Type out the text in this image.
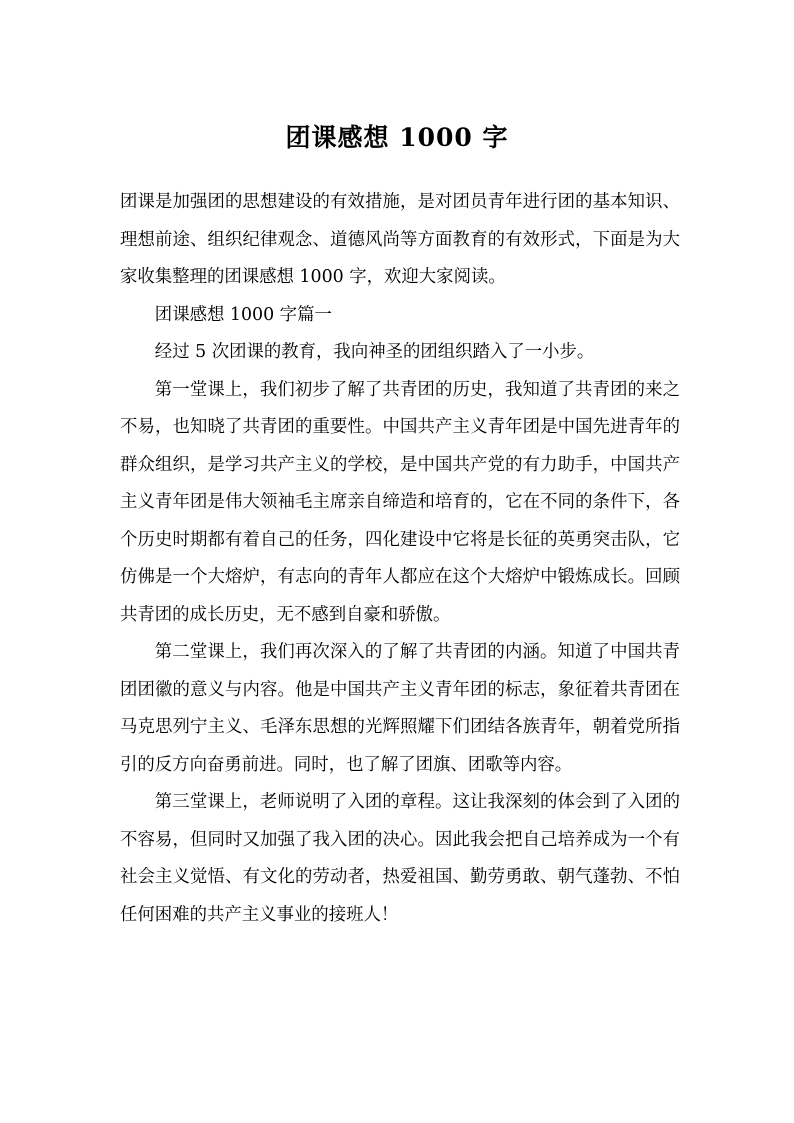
团课感想 1000 字

团课是加强团的思想建设的有效措施，是对团员青年进行团的基本知识、理想前途、组织纪律观念、道德风尚等方面教育的有效形式，下面是为大家收集整理的团课感想 1000 字，欢迎大家阅读。

团课感想 1000 字篇一

经过 5 次团课的教育，我向神圣的团组织踏入了一小步。

第一堂课上，我们初步了解了共青团的历史，我知道了共青团的来之不易，也知晓了共青团的重要性。中国共产主义青年团是中国先进青年的群众组织，是学习共产主义的学校，是中国共产党的有力助手，中国共产主义青年团是伟大领袖毛主席亲自缔造和培育的，它在不同的条件下，各个历史时期都有着自己的任务，四化建设中它将是长征的英勇突击队，它仿佛是一个大熔炉，有志向的青年人都应在这个大熔炉中锻炼成长。回顾共青团的成长历史，无不感到自豪和骄傲。

第二堂课上，我们再次深入的了解了共青团的内涵。知道了中国共青团团徽的意义与内容。他是中国共产主义青年团的标志，象征着共青团在马克思列宁主义、毛泽东思想的光辉照耀下们团结各族青年，朝着党所指引的反方向奋勇前进。同时，也了解了团旗、团歌等内容。

第三堂课上，老师说明了入团的章程。这让我深刻的体会到了入团的不容易，但同时又加强了我入团的决心。因此我会把自己培养成为一个有社会主义觉悟、有文化的劳动者，热爱祖国、勤劳勇敢、朝气蓬勃、不怕任何困难的共产主义事业的接班人！
